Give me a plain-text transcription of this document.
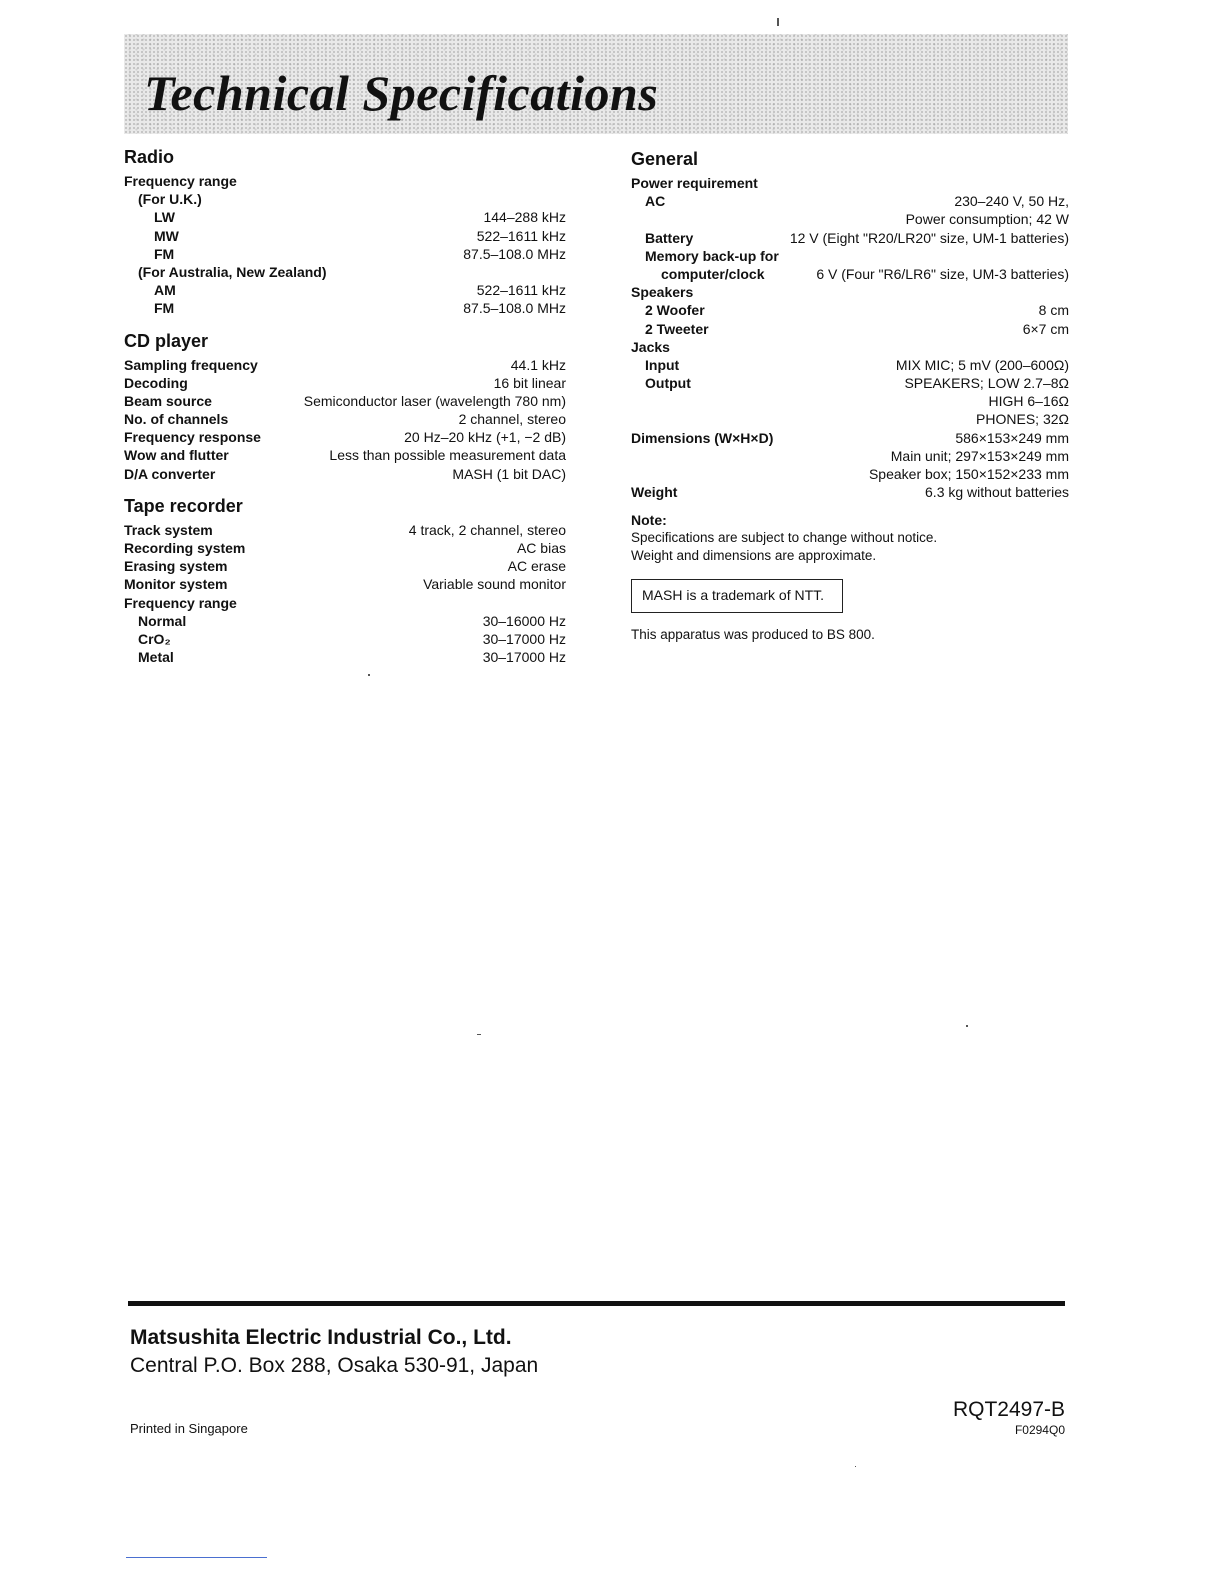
Technical Specifications
Radio
Frequency range
(For U.K.)
LW	144–288 kHz
MW	522–1611 kHz
FM	87.5–108.0 MHz
(For Australia, New Zealand)
AM	522–1611 kHz
FM	87.5–108.0 MHz
CD player
Sampling frequency	44.1 kHz
Decoding	16 bit linear
Beam source	Semiconductor laser (wavelength 780 nm)
No. of channels	2 channel, stereo
Frequency response	20 Hz–20 kHz (+1, −2 dB)
Wow and flutter	Less than possible measurement data
D/A converter	MASH (1 bit DAC)
Tape recorder
Track system	4 track, 2 channel, stereo
Recording system	AC bias
Erasing system	AC erase
Monitor system	Variable sound monitor
Frequency range
Normal	30–16000 Hz
CrO₂	30–17000 Hz
Metal	30–17000 Hz
General
Power requirement
AC	230–240 V, 50 Hz,
Power consumption; 42 W
Battery	12 V (Eight "R20/LR20" size, UM-1 batteries)
Memory back-up for
computer/clock	6 V (Four "R6/LR6" size, UM-3 batteries)
Speakers
2 Woofer	8 cm
2 Tweeter	6×7 cm
Jacks
Input	MIX MIC; 5 mV (200–600Ω)
Output	SPEAKERS; LOW 2.7–8Ω
HIGH 6–16Ω
PHONES; 32Ω
Dimensions (W×H×D)	586×153×249 mm
Main unit; 297×153×249 mm
Speaker box; 150×152×233 mm
Weight	6.3 kg without batteries
Note:
Specifications are subject to change without notice.
Weight and dimensions are approximate.
MASH is a trademark of NTT.
This apparatus was produced to BS 800.
Matsushita Electric Industrial Co., Ltd.
Central P.O. Box 288, Osaka 530-91, Japan
Printed in Singapore
RQT2497-B
F0294Q0
